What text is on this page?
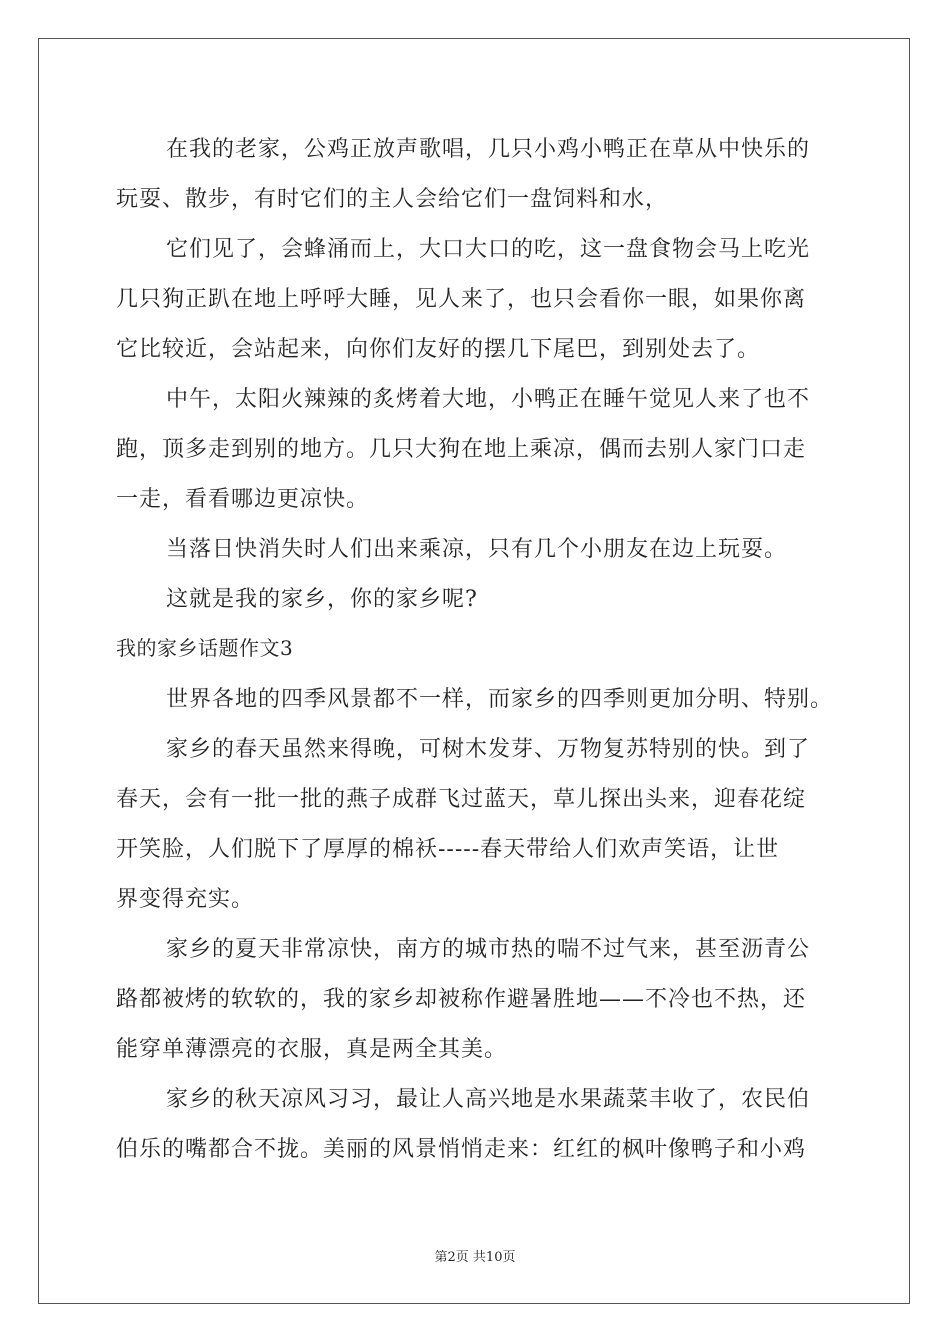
在我的老家，公鸡正放声歌唱，几只小鸡小鸭正在草从中快乐的

玩耍、散步，有时它们的主人会给它们一盘饲料和水，

它们见了，会蜂涌而上，大口大口的吃，这一盘食物会马上吃光

几只狗正趴在地上呼呼大睡，见人来了，也只会看你一眼，如果你离

它比较近，会站起来，向你们友好的摆几下尾巴，到别处去了。

中午，太阳火辣辣的炙烤着大地，小鸭正在睡午觉见人来了也不

跑，顶多走到别的地方。几只大狗在地上乘凉，偶而去别人家门口走

一走，看看哪边更凉快。

当落日快消失时人们出来乘凉，只有几个小朋友在边上玩耍。

这就是我的家乡，你的家乡呢?

我的家乡话题作文3

世界各地的四季风景都不一样，而家乡的四季则更加分明、特别。

家乡的春天虽然来得晚，可树木发芽、万物复苏特别的快。到了

春天，会有一批一批的燕子成群飞过蓝天，草儿探出头来，迎春花绽

开笑脸，人们脱下了厚厚的棉袄-----春天带给人们欢声笑语，让世

界变得充实。

家乡的夏天非常凉快，南方的城市热的喘不过气来，甚至沥青公

路都被烤的软软的，我的家乡却被称作避暑胜地——不冷也不热，还

能穿单薄漂亮的衣服，真是两全其美。

家乡的秋天凉风习习，最让人高兴地是水果蔬菜丰收了，农民伯

伯乐的嘴都合不拢。美丽的风景悄悄走来：红红的枫叶像鸭子和小鸡

第2页 共10页
